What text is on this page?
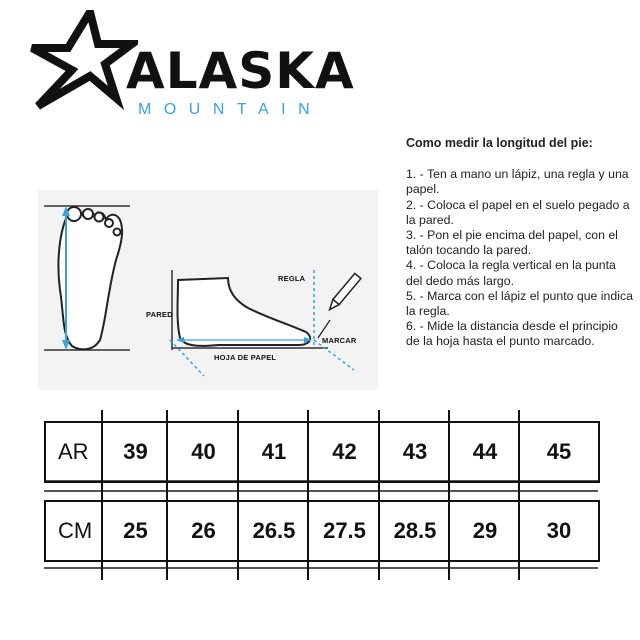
ALASKA
MOUNTAIN
Como medir la longitud del pie:

1. - Ten a mano un lápiz, una regla y una papel.

2. - Coloca el papel en el suelo pegado a la pared.

3. - Pon el pie encima del papel, con el talón tocando la pared.

4. - Coloca la regla vertical en la punta del dedo más largo.

5. - Marca con el lápiz el punto que indica la regla.

6. - Mide la distancia desde el principio de la hoja hasta el punto marcado.

REGLA
PARED
MARCAR
HOJA DE PAPEL
AR	39	40	41	42	43	44	45
CM	25	26	26.5	27.5	28.5	29	30
